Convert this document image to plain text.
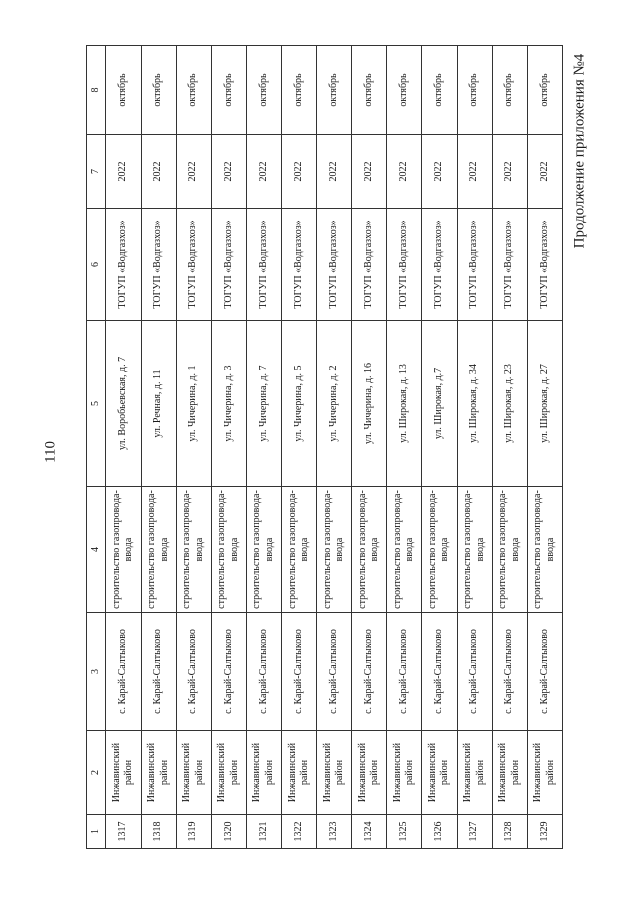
110
Продолжение приложения №4
1	2	3	4	5	6	7	8
1317	Инжавинский район	с. Карай-Салтыково	строительство газопровода-ввода	ул. Воробьевская, д. 7	ТОГУП «Водгазхоз»	2022	октябрь
1318	Инжавинский район	с. Карай-Салтыково	строительство газопровода-ввода	ул. Речная, д. 11	ТОГУП «Водгазхоз»	2022	октябрь
1319	Инжавинский район	с. Карай-Салтыково	строительство газопровода-ввода	ул. Чичерина, д. 1	ТОГУП «Водгазхоз»	2022	октябрь
1320	Инжавинский район	с. Карай-Салтыково	строительство газопровода-ввода	ул. Чичерина, д. 3	ТОГУП «Водгазхоз»	2022	октябрь
1321	Инжавинский район	с. Карай-Салтыково	строительство газопровода-ввода	ул. Чичерина, д. 7	ТОГУП «Водгазхоз»	2022	октябрь
1322	Инжавинский район	с. Карай-Салтыково	строительство газопровода-ввода	ул. Чичерина, д. 5	ТОГУП «Водгазхоз»	2022	октябрь
1323	Инжавинский район	с. Карай-Салтыково	строительство газопровода-ввода	ул. Чичерина, д. 2	ТОГУП «Водгазхоз»	2022	октябрь
1324	Инжавинский район	с. Карай-Салтыково	строительство газопровода-ввода	ул. Чичерина, д. 16	ТОГУП «Водгазхоз»	2022	октябрь
1325	Инжавинский район	с. Карай-Салтыково	строительство газопровода-ввода	ул. Широкая, д. 13	ТОГУП «Водгазхоз»	2022	октябрь
1326	Инжавинский район	с. Карай-Салтыково	строительство газопровода-ввода	ул. Широкая, д.7	ТОГУП «Водгазхоз»	2022	октябрь
1327	Инжавинский район	с. Карай-Салтыково	строительство газопровода-ввода	ул. Широкая, д. 34	ТОГУП «Водгазхоз»	2022	октябрь
1328	Инжавинский район	с. Карай-Салтыково	строительство газопровода-ввода	ул. Широкая, д. 23	ТОГУП «Водгазхоз»	2022	октябрь
1329	Инжавинский район	с. Карай-Салтыково	строительство газопровода-ввода	ул. Широкая, д. 27	ТОГУП «Водгазхоз»	2022	октябрь
